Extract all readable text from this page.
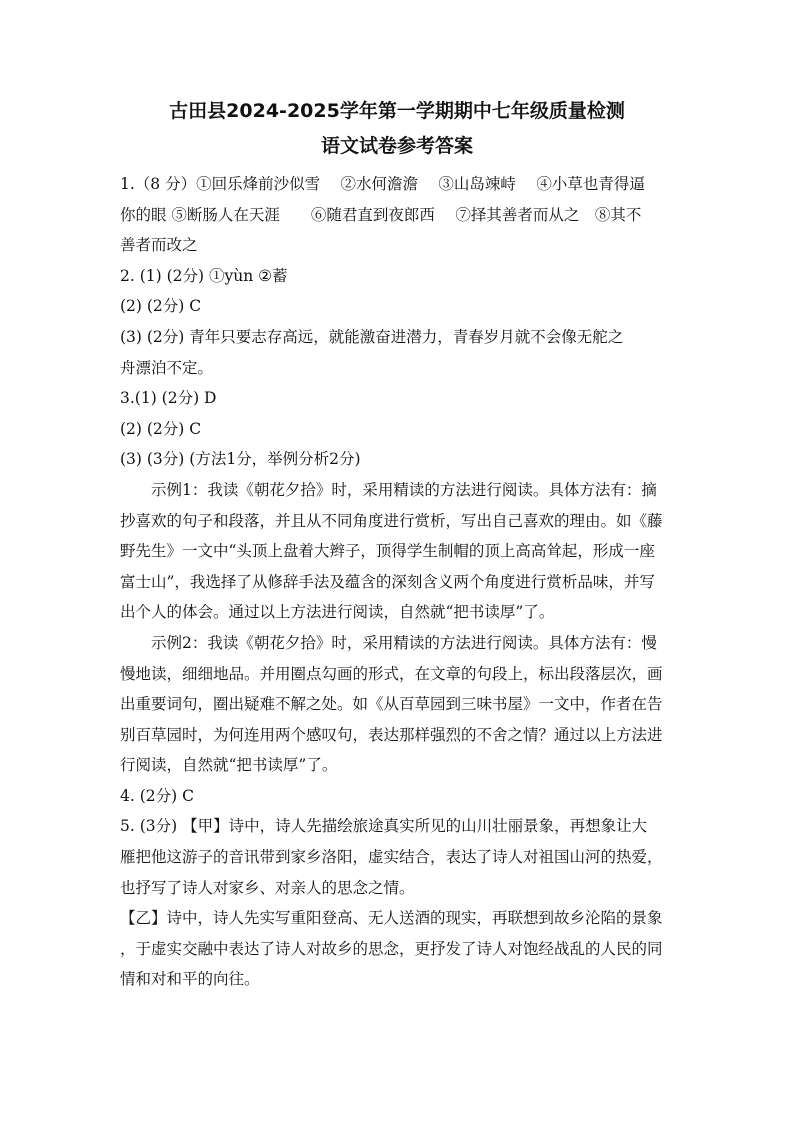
古田县2024-2025学年第一学期期中七年级质量检测
语文试卷参考答案
1.（8 分）①回乐烽前沙似雪　 ②水何澹澹　 ③山岛竦峙　 ④小草也青得逼
你的眼 ⑤断肠人在天涯　　⑥随君直到夜郎西　 ⑦择其善者而从之　⑧其不
善者而改之
2. (1) (2分) ①yùn ②蓄
(2) (2分) C
(3) (2分) 青年只要志存高远，就能激奋进潜力，青春岁月就不会像无舵之
舟漂泊不定。
3.(1) (2分) D
(2) (2分) C
(3) (3分) (方法1分，举例分析2分)
示例1：我读《朝花夕拾》时，采用精读的方法进行阅读。具体方法有：摘
抄喜欢的句子和段落，并且从不同角度进行赏析，写出自己喜欢的理由。如《藤
野先生》一文中“头顶上盘着大辫子，顶得学生制帽的顶上高高耸起，形成一座
富士山”，我选择了从修辞手法及蕴含的深刻含义两个角度进行赏析品味，并写
出个人的体会。通过以上方法进行阅读，自然就“把书读厚”了。
示例2：我读《朝花夕拾》时，采用精读的方法进行阅读。具体方法有：慢
慢地读，细细地品。并用圈点勾画的形式，在文章的句段上，标出段落层次，画
出重要词句，圈出疑难不解之处。如《从百草园到三味书屋》一文中，作者在告
别百草园时，为何连用两个感叹句，表达那样强烈的不舍之情？通过以上方法进
行阅读，自然就“把书读厚”了。
4. (2分) C
5. (3分) 【甲】诗中，诗人先描绘旅途真实所见的山川壮丽景象，再想象让大
雁把他这游子的音讯带到家乡洛阳，虚实结合，表达了诗人对祖国山河的热爱，
也抒写了诗人对家乡、对亲人的思念之情。
【乙】诗中，诗人先实写重阳登高、无人送酒的现实，再联想到故乡沦陷的景象
，于虚实交融中表达了诗人对故乡的思念，更抒发了诗人对饱经战乱的人民的同
情和对和平的向往。
